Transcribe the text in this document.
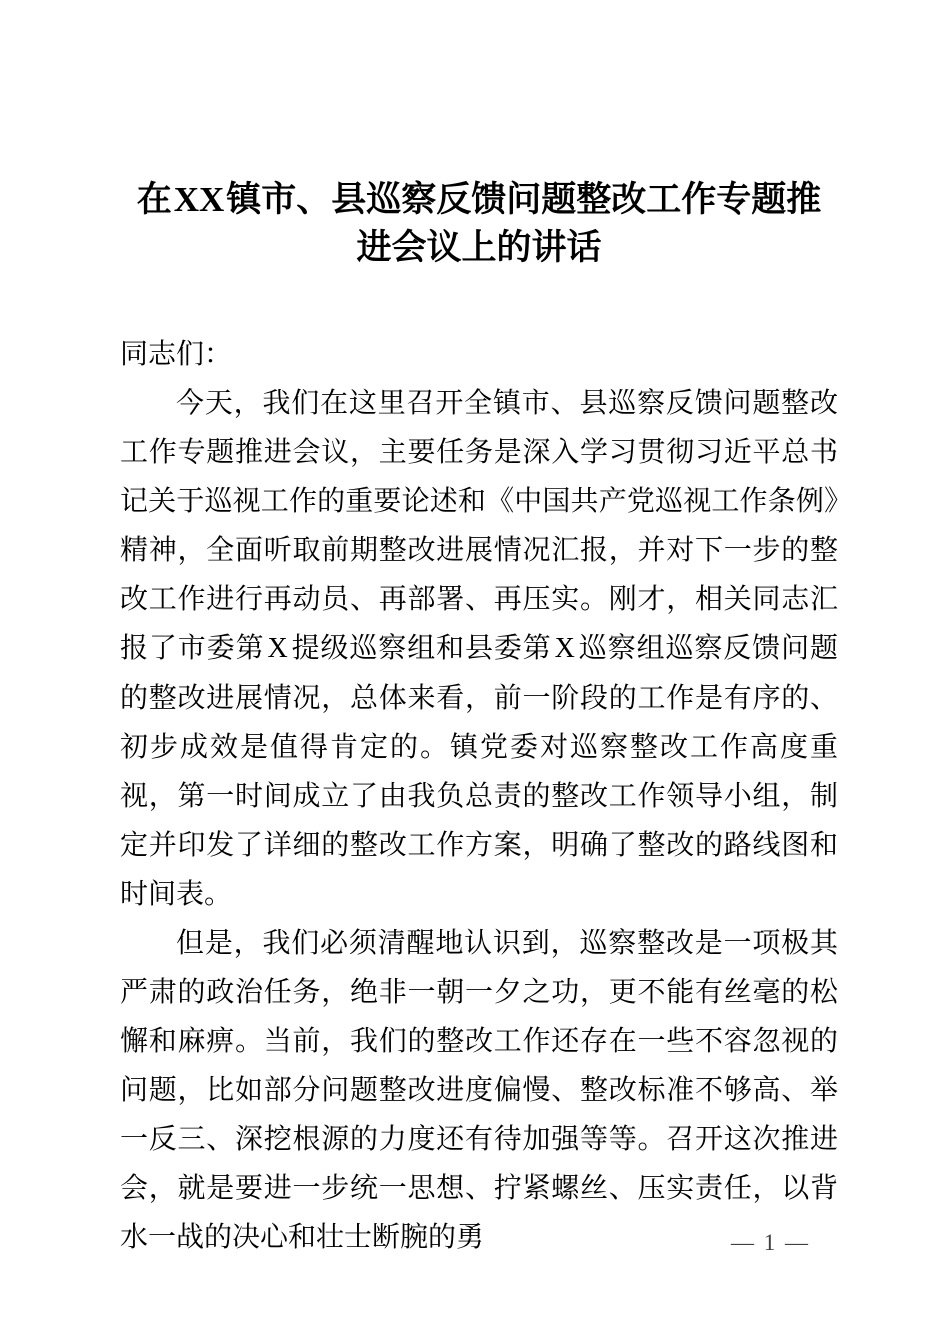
在XX镇市、县巡察反馈问题整改工作专题推进会议上的讲话

同志们：

今天，我们在这里召开全镇市、县巡察反馈问题整改工作专题推进会议，主要任务是深入学习贯彻习近平总书记关于巡视工作的重要论述和《中国共产党巡视工作条例》精神，全面听取前期整改进展情况汇报，并对下一步的整改工作进行再动员、再部署、再压实。刚才，相关同志汇报了市委第 X 提级巡察组和县委第 X 巡察组巡察反馈问题的整改进展情况，总体来看，前一阶段的工作是有序的、初步成效是值得肯定的。镇党委对巡察整改工作高度重视，第一时间成立了由我负总责的整改工作领导小组，制定并印发了详细的整改工作方案，明确了整改的路线图和时间表。

但是，我们必须清醒地认识到，巡察整改是一项极其严肃的政治任务，绝非一朝一夕之功，更不能有丝毫的松懈和麻痹。当前，我们的整改工作还存在一些不容忽视的问题，比如部分问题整改进度偏慢、整改标准不够高、举一反三、深挖根源的力度还有待加强等等。召开这次推进会，就是要进一步统一思想、拧紧螺丝、压实责任，以背水一战的决心和壮士断腕的勇	— 1 —
